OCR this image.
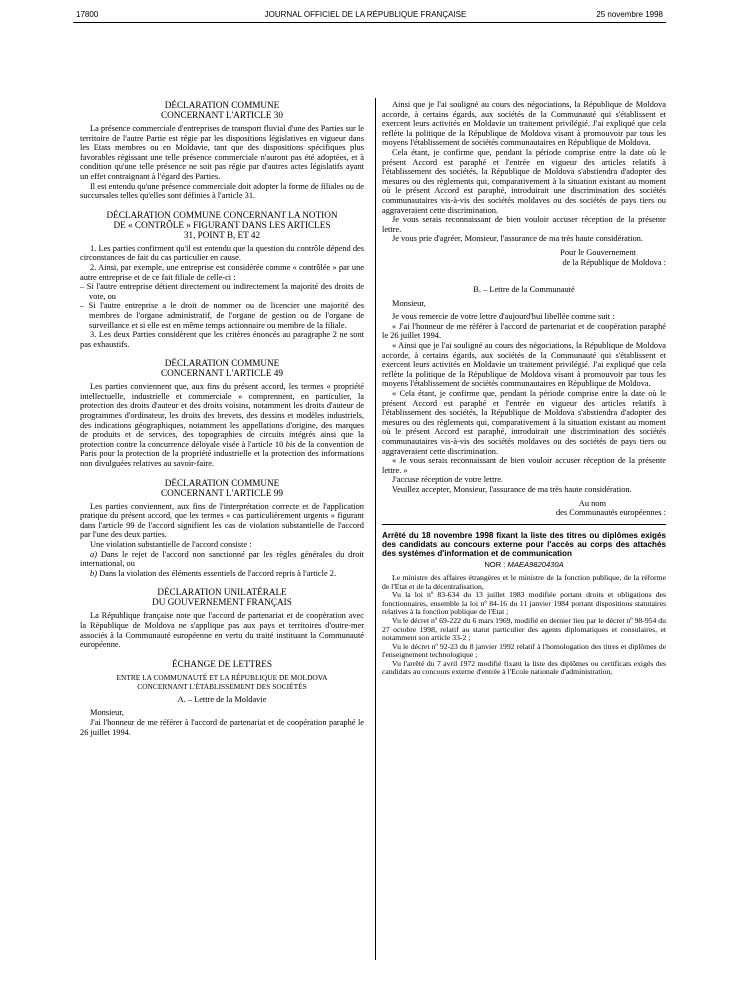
17800	JOURNAL OFFICIEL DE LA RÉPUBLIQUE FRANÇAISE	25 novembre 1998
DÉCLARATION COMMUNE
CONCERNANT L'ARTICLE 30

La présence commerciale d'entreprises de transport fluvial d'une des Parties sur le territoire de l'autre Partie est régie par les dispositions législatives en vigueur dans les Etats membres ou en Moldavie, tant que des dispositions spécifiques plus favorables régissant une telle présence commerciale n'auront pas été adoptées, et à condition qu'une telle présence ne soit pas régie par d'autres actes législatifs ayant un effet contraignant à l'égard des Parties.

Il est entendu qu'une présence commerciale doit adopter la forme de filiales ou de succursales telles qu'elles sont définies à l'article 31.

DÉCLARATION COMMUNE CONCERNANT LA NOTION
DE « CONTRÔLE » FIGURANT DANS LES ARTICLES
31, POINT B, ET 42

1. Les parties confirment qu'il est entendu que la question du contrôle dépend des circonstances de fait du cas particulier en cause.

2. Ainsi, par exemple, une entreprise est considérée comme « contrôlée » par une autre entreprise et de ce fait filiale de celle-ci :

– Si l'autre entreprise détient directement ou indirectement la majorité des droits de vote, ou

– Si l'autre entreprise a le droit de nommer ou de licencier une majorité des membres de l'organe administratif, de l'organe de gestion ou de l'organe de surveillance et si elle est en même temps actionnaire ou membre de la filiale.

3. Les deux Parties considèrent que les critères énoncés au paragraphe 2 ne sont pas exhaustifs.

DÉCLARATION COMMUNE
CONCERNANT L'ARTICLE 49

Les parties conviennent que, aux fins du présent accord, les termes « propriété intellectuelle, industrielle et commerciale » comprennent, en particulier, la protection des droits d'auteur et des droits voisins, notamment les droits d'auteur de programmes d'ordinateur, les droits des brevets, des dessins et modèles industriels, des indications géographiques, notamment les appellations d'origine, des marques de produits et de services, des topographies de circuits intégrés ainsi que la protection contre la concurrence déloyale visée à l'article 10 bis de la convention de Paris pour la protection de la propriété industrielle et la protection des informations non divulguées relatives au savoir-faire.

DÉCLARATION COMMUNE
CONCERNANT L'ARTICLE 99

Les parties conviennent, aux fins de l'interprétation correcte et de l'application pratique du présent accord, que les termes « cas particulièrement urgents » figurant dans l'article 99 de l'accord signifient les cas de violation substantielle de l'accord par l'une des deux parties.

Une violation substantielle de l'accord consiste :

a) Dans le rejet de l'accord non sanctionné par les règles générales du droit international, ou

b) Dans la violation des éléments essentiels de l'accord repris à l'article 2.

DÉCLARATION UNILATÉRALE
DU GOUVERNEMENT FRANÇAIS

La République française note que l'accord de partenariat et de coopération avec la République de Moldova ne s'applique pas aux pays et territoires d'outre-mer associés à la Communauté européenne en vertu du traité instituant la Communauté européenne.

ÉCHANGE DE LETTRES
ENTRE LA COMMUNAUTÉ ET LA RÉPUBLIQUE DE MOLDOVA
CONCERNANT L'ÉTABLISSEMENT DES SOCIÉTÉS

A. – Lettre de la Moldavie

Monsieur,

J'ai l'honneur de me référer à l'accord de partenariat et de coopération paraphé le 26 juillet 1994.

Ainsi que je l'ai souligné au cours des négociations, la République de Moldova accorde, à certains égards, aux sociétés de la Communauté qui s'établissent et exercent leurs activités en Moldavie un traitement privilégié. J'ai expliqué que cela reflète la politique de la République de Moldova visant à promouvoir par tous les moyens l'établissement de sociétés communautaires en République de Moldova.

Cela étant, je confirme que, pendant la période comprise entre la date où le présent Accord est paraphé et l'entrée en vigueur des articles relatifs à l'établissement des sociétés, la République de Moldova s'abstiendra d'adopter des mesures ou des règlements qui, comparativement à la situation existant au moment où le présent Accord est paraphé, introduirait une discrimination des sociétés communautaires vis-à-vis des sociétés moldaves ou des sociétés de pays tiers ou aggraveraient cette discrimination.

Je vous serais reconnaissant de bien vouloir accuser réception de la présente lettre.

Je vous prie d'agréer, Monsieur, l'assurance de ma très haute considération.

Pour le Gouvernement

de la République de Moldova :

B. – Lettre de la Communauté

Monsieur,

Je vous remercie de votre lettre d'aujourd'hui libellée comme suit :

« J'ai l'honneur de me référer à l'accord de partenariat et de coopération paraphé le 26 juillet 1994.

« Ainsi que je l'ai souligné au cours des négociations, la République de Moldova accorde, à certains égards, aux sociétés de la Communauté qui s'établissent et exercent leurs activités en Moldavie un traitement privilégié. J'ai expliqué que cela reflète la politique de la République de Moldova visant à promouvoir par tous les moyens l'établissement de sociétés communautaires en République de Moldova.

« Cela étant, je confirme que, pendant la période comprise entre la date où le présent Accord est paraphé et l'entrée en vigueur des articles relatifs à l'établissement des sociétés, la République de Moldova s'abstiendra d'adopter des mesures ou des règlements qui, comparativement à la situation existant au moment où le présent Accord est paraphé, introduirait une discrimination des sociétés communautaires vis-à-vis des sociétés moldaves ou des sociétés de pays tiers ou aggraveraient cette discrimination.

« Je vous serais reconnaissant de bien vouloir accuser réception de la présente lettre. »

J'accuse réception de votre lettre.

Veuillez accepter, Monsieur, l'assurance de ma très haute considération.

Au nom

des Communautés européennes :

Arrêté du 18 novembre 1998 fixant la liste des titres ou diplômes exigés des candidats au concours externe pour l'accès au corps des attachés des systèmes d'information et de communication

NOR : MAEA9820430A

Le ministre des affaires étrangères et le ministre de la fonction publique, de la réforme de l'Etat et de la décentralisation,

Vu la loi nº 83-634 du 13 juillet 1983 modifiée portant droits et obligations des fonctionnaires, ensemble la loi nº 84-16 du 11 janvier 1984 portant dispositions statutaires relatives à la fonction publique de l'Etat ;

Vu le décret nº 69-222 du 6 mars 1969, modifié en dernier lieu par le décret nº 98-954 du 27 octobre 1998, relatif au statut particulier des agents diplomatiques et consulaires, et notamment son article 33-2 ;

Vu le décret nº 92-23 du 8 janvier 1992 relatif à l'homologation des titres et diplômes de l'enseignement technologique ;

Vu l'arrêté du 7 avril 1972 modifié fixant la liste des diplômes ou certificats exigés des candidats au concours externe d'entrée à l'Ecole nationale d'administration,
